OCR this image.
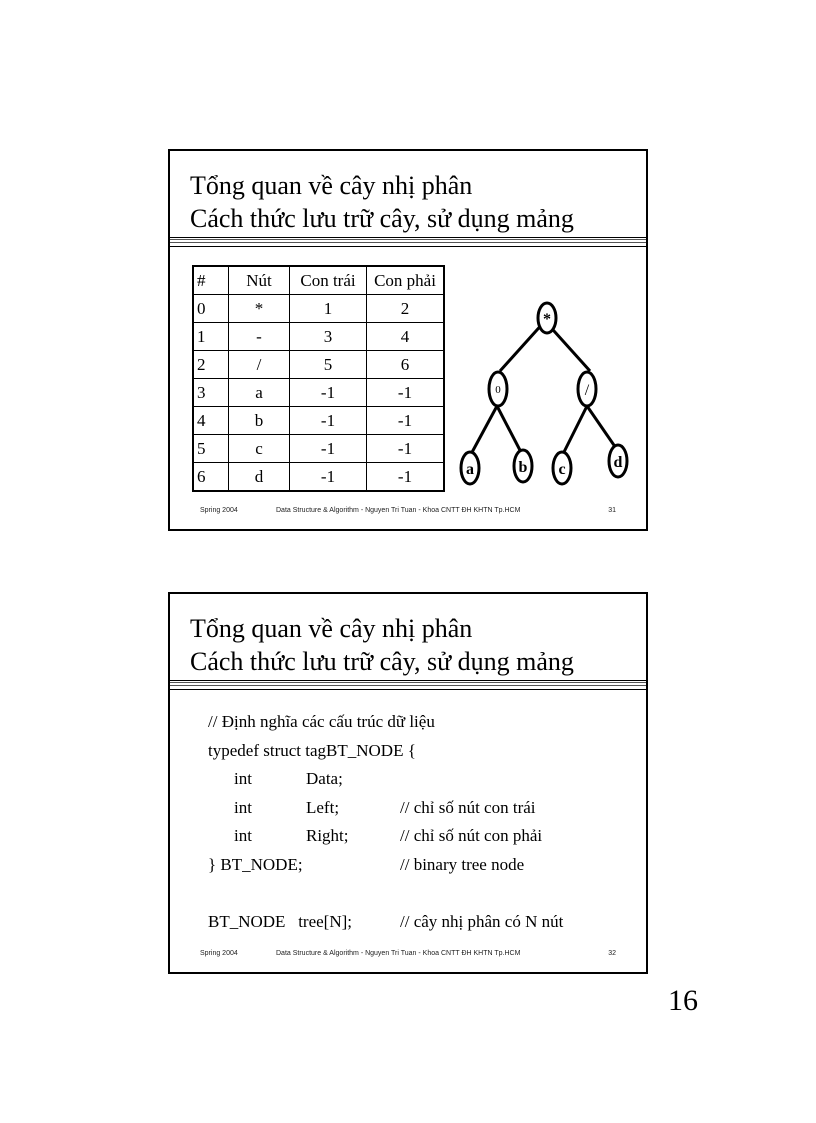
Tổng quan về cây nhị phân
Cách thức lưu trữ cây, sử dụng mảng
#	Nút	Con trái	Con phải
0	*	1	2
1	-	3	4
2	/	5	6
3	a	-1	-1
4	b	-1	-1
5	c	-1	-1
6	d	-1	-1
*
0	/
a	b c	d
Spring 2004	Data Structure & Algorithm - Nguyen Tri Tuan - Khoa CNTT ĐH KHTN Tp.HCM	31
Tổng quan về cây nhị phân
Cách thức lưu trữ cây, sử dụng mảng
// Định nghĩa các cấu trúc dữ liệu
typedef struct tagBT_NODE {
int	Data;
int	Left;	// chỉ số nút con trái
int	Right;	// chỉ số nút con phải
} BT_NODE;	// binary tree node
BT_NODE   tree[N];	// cây nhị phân có N nút
Spring 2004	Data Structure & Algorithm - Nguyen Tri Tuan - Khoa CNTT ĐH KHTN Tp.HCM	32
16
